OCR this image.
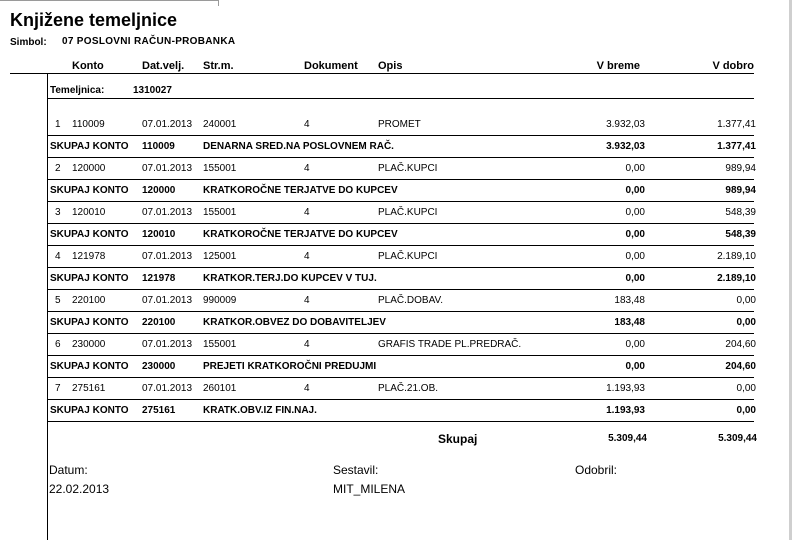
Knjižene temeljnice
Simbol: 07 POSLOVNI RAČUN-PROBANKA
Konto	Dat.velj. Str.m.	Dokument Opis	V breme	V dobro
Temeljnica:	1310027
1 110009	07.01.2013 240001	4	PROMET	3.932,03	1.377,41
SKUPAJ KONTO 110009	DENARNA SRED.NA POSLOVNEM RAČ.	3.932,03	1.377,41
2 120000	07.01.2013 155001	4	PLAČ.KUPCI	0,00	989,94
SKUPAJ KONTO 120000	KRATKOROČNE TERJATVE DO KUPCEV	0,00	989,94
3 120010	07.01.2013 155001	4	PLAČ.KUPCI	0,00	548,39
SKUPAJ KONTO 120010	KRATKOROČNE TERJATVE DO KUPCEV	0,00	548,39
4 121978	07.01.2013 125001	4	PLAČ.KUPCI	0,00	2.189,10
SKUPAJ KONTO 121978	KRATKOR.TERJ.DO KUPCEV V TUJ.	0,00	2.189,10
5 220100	07.01.2013 990009	4	PLAČ.DOBAV.	183,48	0,00
SKUPAJ KONTO 220100	KRATKOR.OBVEZ DO DOBAVITELJEV	183,48	0,00
6 230000	07.01.2013 155001	4	GRAFIS TRADE PL.PREDRAČ.	0,00	204,60
SKUPAJ KONTO 230000	PREJETI KRATKOROČNI PREDUJMI	0,00	204,60
7 275161	07.01.2013 260101	4	PLAČ.21.OB.	1.193,93	0,00
SKUPAJ KONTO 275161	KRATK.OBV.IZ FIN.NAJ.	1.193,93	0,00
Skupaj	5.309,44	5.309,44
Datum:
22.02.2013
Sestavil:
MIT_MILENA
Odobril:
